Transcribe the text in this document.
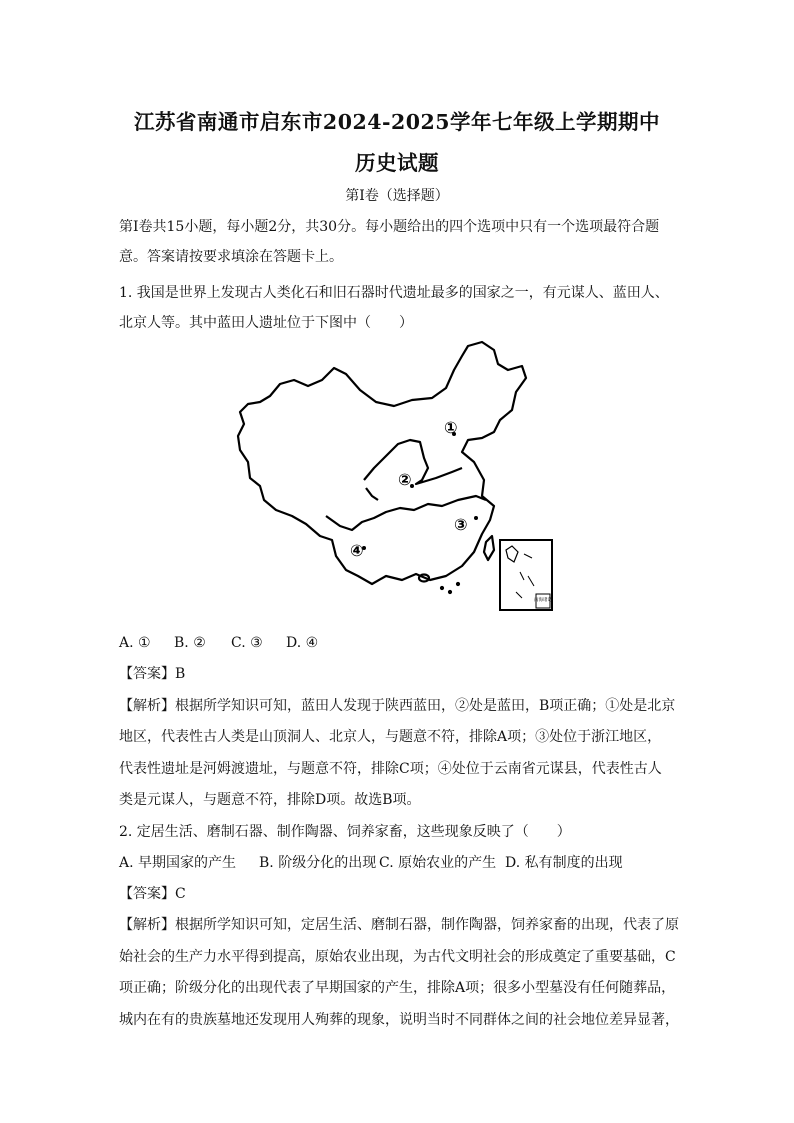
江苏省南通市启东市2024-2025学年七年级上学期期中
历史试题
第Ⅰ卷（选择题）
第Ⅰ卷共15小题，每小题2分，共30分。每小题给出的四个选项中只有一个选项最符合题
意。答案请按要求填涂在答题卡上。
1. 我国是世界上发现古人类化石和旧石器时代遗址最多的国家之一，有元谋人、蓝田人、
北京人等。其中蓝田人遗址位于下图中（　　）
南海诸岛
①
②
③
④
A. ① B. ② C. ③ D. ④
【答案】B
【解析】根据所学知识可知，蓝田人发现于陕西蓝田，②处是蓝田，B项正确；①处是北京
地区，代表性古人类是山顶洞人、北京人，与题意不符，排除A项；③处位于浙江地区，
代表性遗址是河姆渡遗址，与题意不符，排除C项；④处位于云南省元谋县，代表性古人
类是元谋人，与题意不符，排除D项。故选B项。
2. 定居生活、磨制石器、制作陶器、饲养家畜，这些现象反映了（　　）
A. 早期国家的产生 B. 阶级分化的出现 C. 原始农业的产生 D. 私有制度的出现
【答案】C
【解析】根据所学知识可知，定居生活、磨制石器，制作陶器，饲养家畜的出现，代表了原
始社会的生产力水平得到提高，原始农业出现，为古代文明社会的形成奠定了重要基础，C
项正确；阶级分化的出现代表了早期国家的产生，排除A项；很多小型墓没有任何随葬品，
城内在有的贵族墓地还发现用人殉葬的现象，说明当时不同群体之间的社会地位差异显著，
